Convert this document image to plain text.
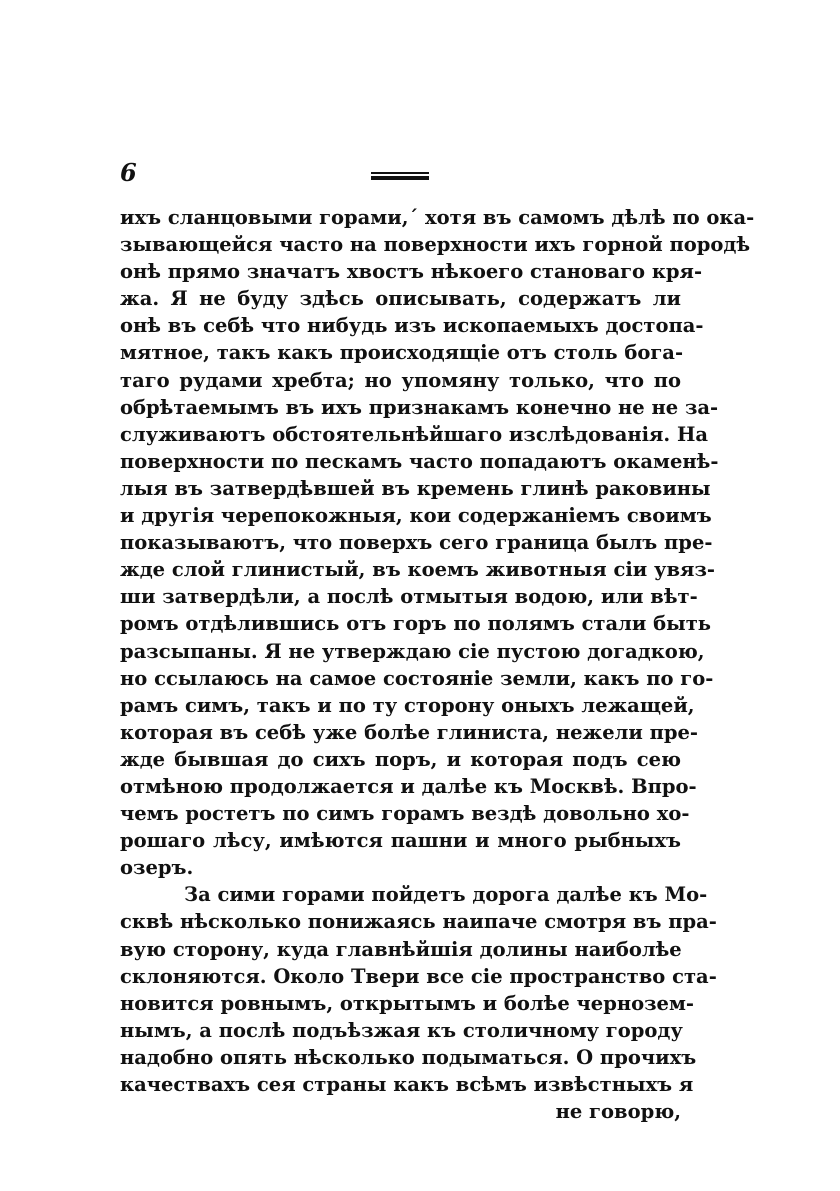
6
ихъ сланцовыми горами,´ хотя въ самомъ дѣлѣ по ока-
зывающейся часто на поверхности ихъ горной породѣ
онѣ прямо значатъ хвостъ нѣкоего становаго кря-
жа. Я не буду здѣсь описывать, содержатъ ли
онѣ въ себѣ что нибудь изъ ископаемыхъ достопа-
мятное, такъ какъ происходящіе отъ столь бога-
таго рудами хребта; но упомяну только, что по
обрѣтаемымъ въ ихъ признакамъ конечно не не за-
служиваютъ обстоятельнѣйшаго изслѣдованія. На
поверхности по пескамъ часто попадаютъ окаменѣ-
лыя въ затвердѣвшей въ кремень глинѣ раковины
и другія черепокожныя, кои содержаніемъ своимъ
показываютъ, что поверхъ сего граница былъ пре-
жде слой глинистый, въ коемъ животныя сіи увяз-
ши затвердѣли, а послѣ отмытыя водою, или вѣт-
ромъ отдѣлившись отъ горъ по полямъ стали быть
разсыпаны. Я не утверждаю сіе пустою догадкою,
но ссылаюсь на самое состояніе земли, какъ по го-
рамъ симъ, такъ и по ту сторону оныхъ лежащей,
которая въ себѣ уже болѣе глиниста, нежели пре-
жде бывшая до сихъ поръ, и которая подъ сею
отмѣною продолжается и далѣе къ Москвѣ. Впро-
чемъ ростетъ по симъ горамъ вездѣ довольно хо-
рошаго лѣсу, имѣются пашни и много рыбныхъ
озеръ.
За сими горами пойдетъ дорога далѣе къ Мо-
сквѣ нѣсколько понижаясь наипаче смотря въ пра-
вую сторону, куда главнѣйшія долины наиболѣе
склоняются. Около Твери все сіе пространство ста-
новится ровнымъ, открытымъ и болѣе чернозем-
нымъ, а послѣ подъѣзжая къ столичному городу
надобно опять нѣсколько подыматься. О прочихъ
качествахъ сея страны какъ всѣмъ извѣстныхъ я
не говорю,
